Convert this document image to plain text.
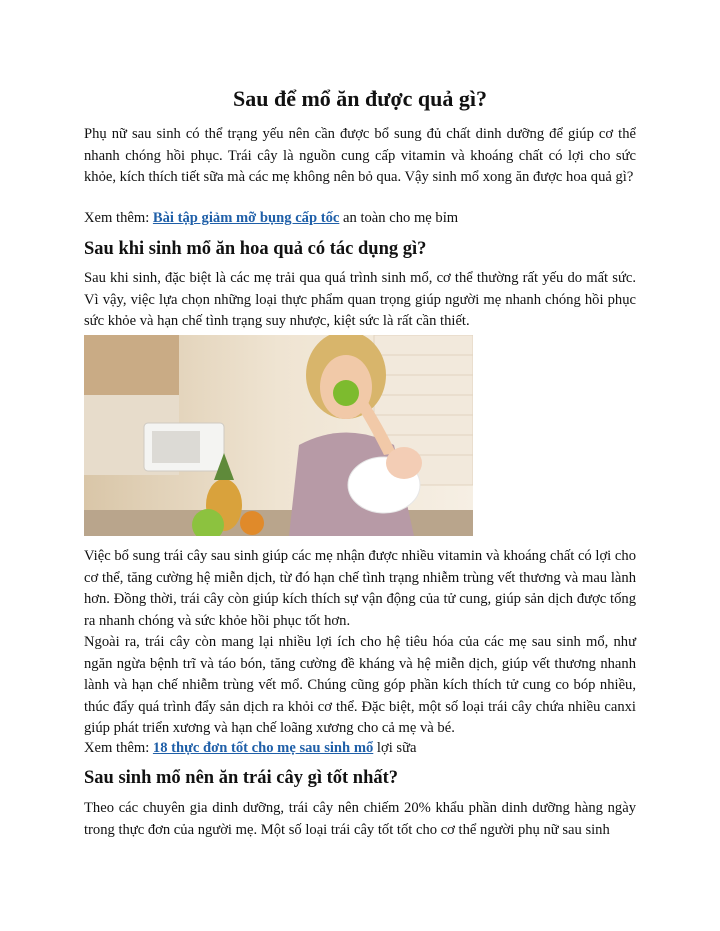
Sau để mổ ăn được quả gì?
Phụ nữ sau sinh có thể trạng yếu nên cần được bổ sung đủ chất dinh dưỡng để giúp cơ thể nhanh chóng hồi phục. Trái cây là nguồn cung cấp vitamin và khoáng chất có lợi cho sức khỏe, kích thích tiết sữa mà các mẹ không nên bỏ qua. Vậy sinh mổ xong ăn được hoa quả gì?
Xem thêm: Bài tập giảm mỡ bụng cấp tốc an toàn cho mẹ bỉm
Sau khi sinh mổ ăn hoa quả có tác dụng gì?
Sau khi sinh, đặc biệt là các mẹ trải qua quá trình sinh mổ, cơ thể thường rất yếu do mất sức. Vì vậy, việc lựa chọn những loại thực phẩm quan trọng giúp người mẹ nhanh chóng hồi phục sức khỏe và hạn chế tình trạng suy nhược, kiệt sức là rất cần thiết.
Việc bổ sung trái cây sau sinh giúp các mẹ nhận được nhiều vitamin và khoáng chất có lợi cho cơ thể, tăng cường hệ miễn dịch, từ đó hạn chế tình trạng nhiễm trùng vết thương và mau lành hơn. Đồng thời, trái cây còn giúp kích thích sự vận động của tử cung, giúp sản dịch được tống ra nhanh chóng và sức khỏe hồi phục tốt hơn.
Ngoài ra, trái cây còn mang lại nhiều lợi ích cho hệ tiêu hóa của các mẹ sau sinh mổ, như ngăn ngừa bệnh trĩ và táo bón, tăng cường đề kháng và hệ miễn dịch, giúp vết thương nhanh lành và hạn chế nhiễm trùng vết mổ. Chúng cũng góp phần kích thích tử cung co bóp nhiều, thúc đẩy quá trình đẩy sản dịch ra khỏi cơ thể. Đặc biệt, một số loại trái cây chứa nhiều canxi giúp phát triển xương và hạn chế loãng xương cho cả mẹ và bé.
Xem thêm: 18 thực đơn tốt cho mẹ sau sinh mổ lợi sữa
Sau sinh mổ nên ăn trái cây gì tốt nhất?
Theo các chuyên gia dinh dưỡng, trái cây nên chiếm 20% khẩu phần dinh dưỡng hàng ngày trong thực đơn của người mẹ. Một số loại trái cây tốt tốt cho cơ thể người phụ nữ sau sinh
